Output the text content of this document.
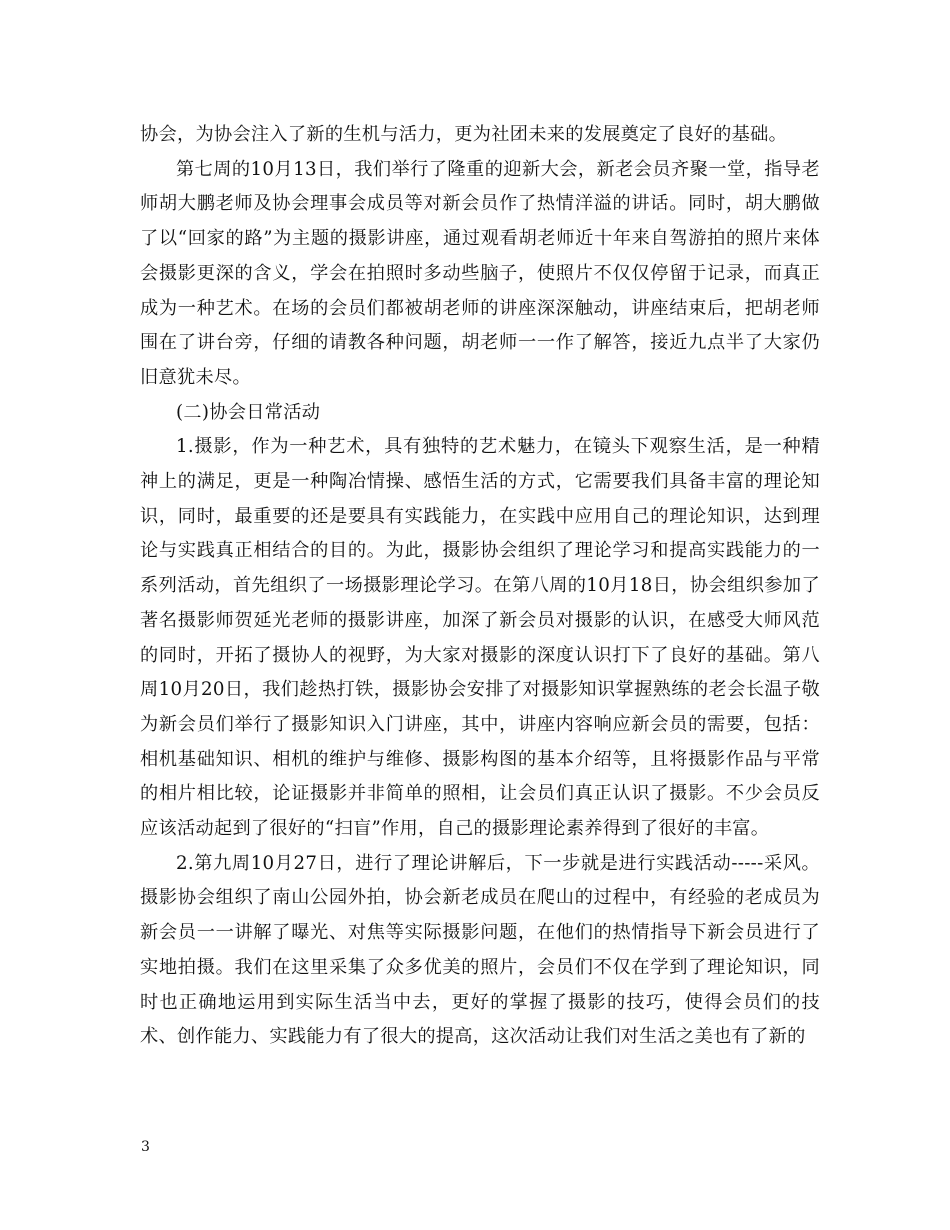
协会，为协会注入了新的生机与活力，更为社团未来的发展奠定了良好的基础。

第七周的10月13日，我们举行了隆重的迎新大会，新老会员齐聚一堂，指导老师胡大鹏老师及协会理事会成员等对新会员作了热情洋溢的讲话。同时，胡大鹏做了以“回家的路”为主题的摄影讲座，通过观看胡老师近十年来自驾游拍的照片来体会摄影更深的含义，学会在拍照时多动些脑子，使照片不仅仅停留于记录，而真正成为一种艺术。在场的会员们都被胡老师的讲座深深触动，讲座结束后，把胡老师围在了讲台旁，仔细的请教各种问题，胡老师一一作了解答，接近九点半了大家仍旧意犹未尽。

(二)协会日常活动

1.摄影，作为一种艺术，具有独特的艺术魅力，在镜头下观察生活，是一种精神上的满足，更是一种陶冶情操、感悟生活的方式，它需要我们具备丰富的理论知识，同时，最重要的还是要具有实践能力，在实践中应用自己的理论知识，达到理论与实践真正相结合的目的。为此，摄影协会组织了理论学习和提高实践能力的一系列活动，首先组织了一场摄影理论学习。在第八周的10月18日，协会组织参加了著名摄影师贺延光老师的摄影讲座，加深了新会员对摄影的认识，在感受大师风范的同时，开拓了摄协人的视野，为大家对摄影的深度认识打下了良好的基础。第八周10月20日，我们趁热打铁，摄影协会安排了对摄影知识掌握熟练的老会长温子敬为新会员们举行了摄影知识入门讲座，其中，讲座内容响应新会员的需要，包括：相机基础知识、相机的维护与维修、摄影构图的基本介绍等，且将摄影作品与平常的相片相比较，论证摄影并非简单的照相，让会员们真正认识了摄影。不少会员反应该活动起到了很好的“扫盲”作用，自己的摄影理论素养得到了很好的丰富。

2.第九周10月27日，进行了理论讲解后，下一步就是进行实践活动-----采风。摄影协会组织了南山公园外拍，协会新老成员在爬山的过程中，有经验的老成员为新会员一一讲解了曝光、对焦等实际摄影问题，在他们的热情指导下新会员进行了实地拍摄。我们在这里采集了众多优美的照片，会员们不仅在学到了理论知识，同时也正确地运用到实际生活当中去，更好的掌握了摄影的技巧，使得会员们的技术、创作能力、实践能力有了很大的提高，这次活动让我们对生活之美也有了新的

3
